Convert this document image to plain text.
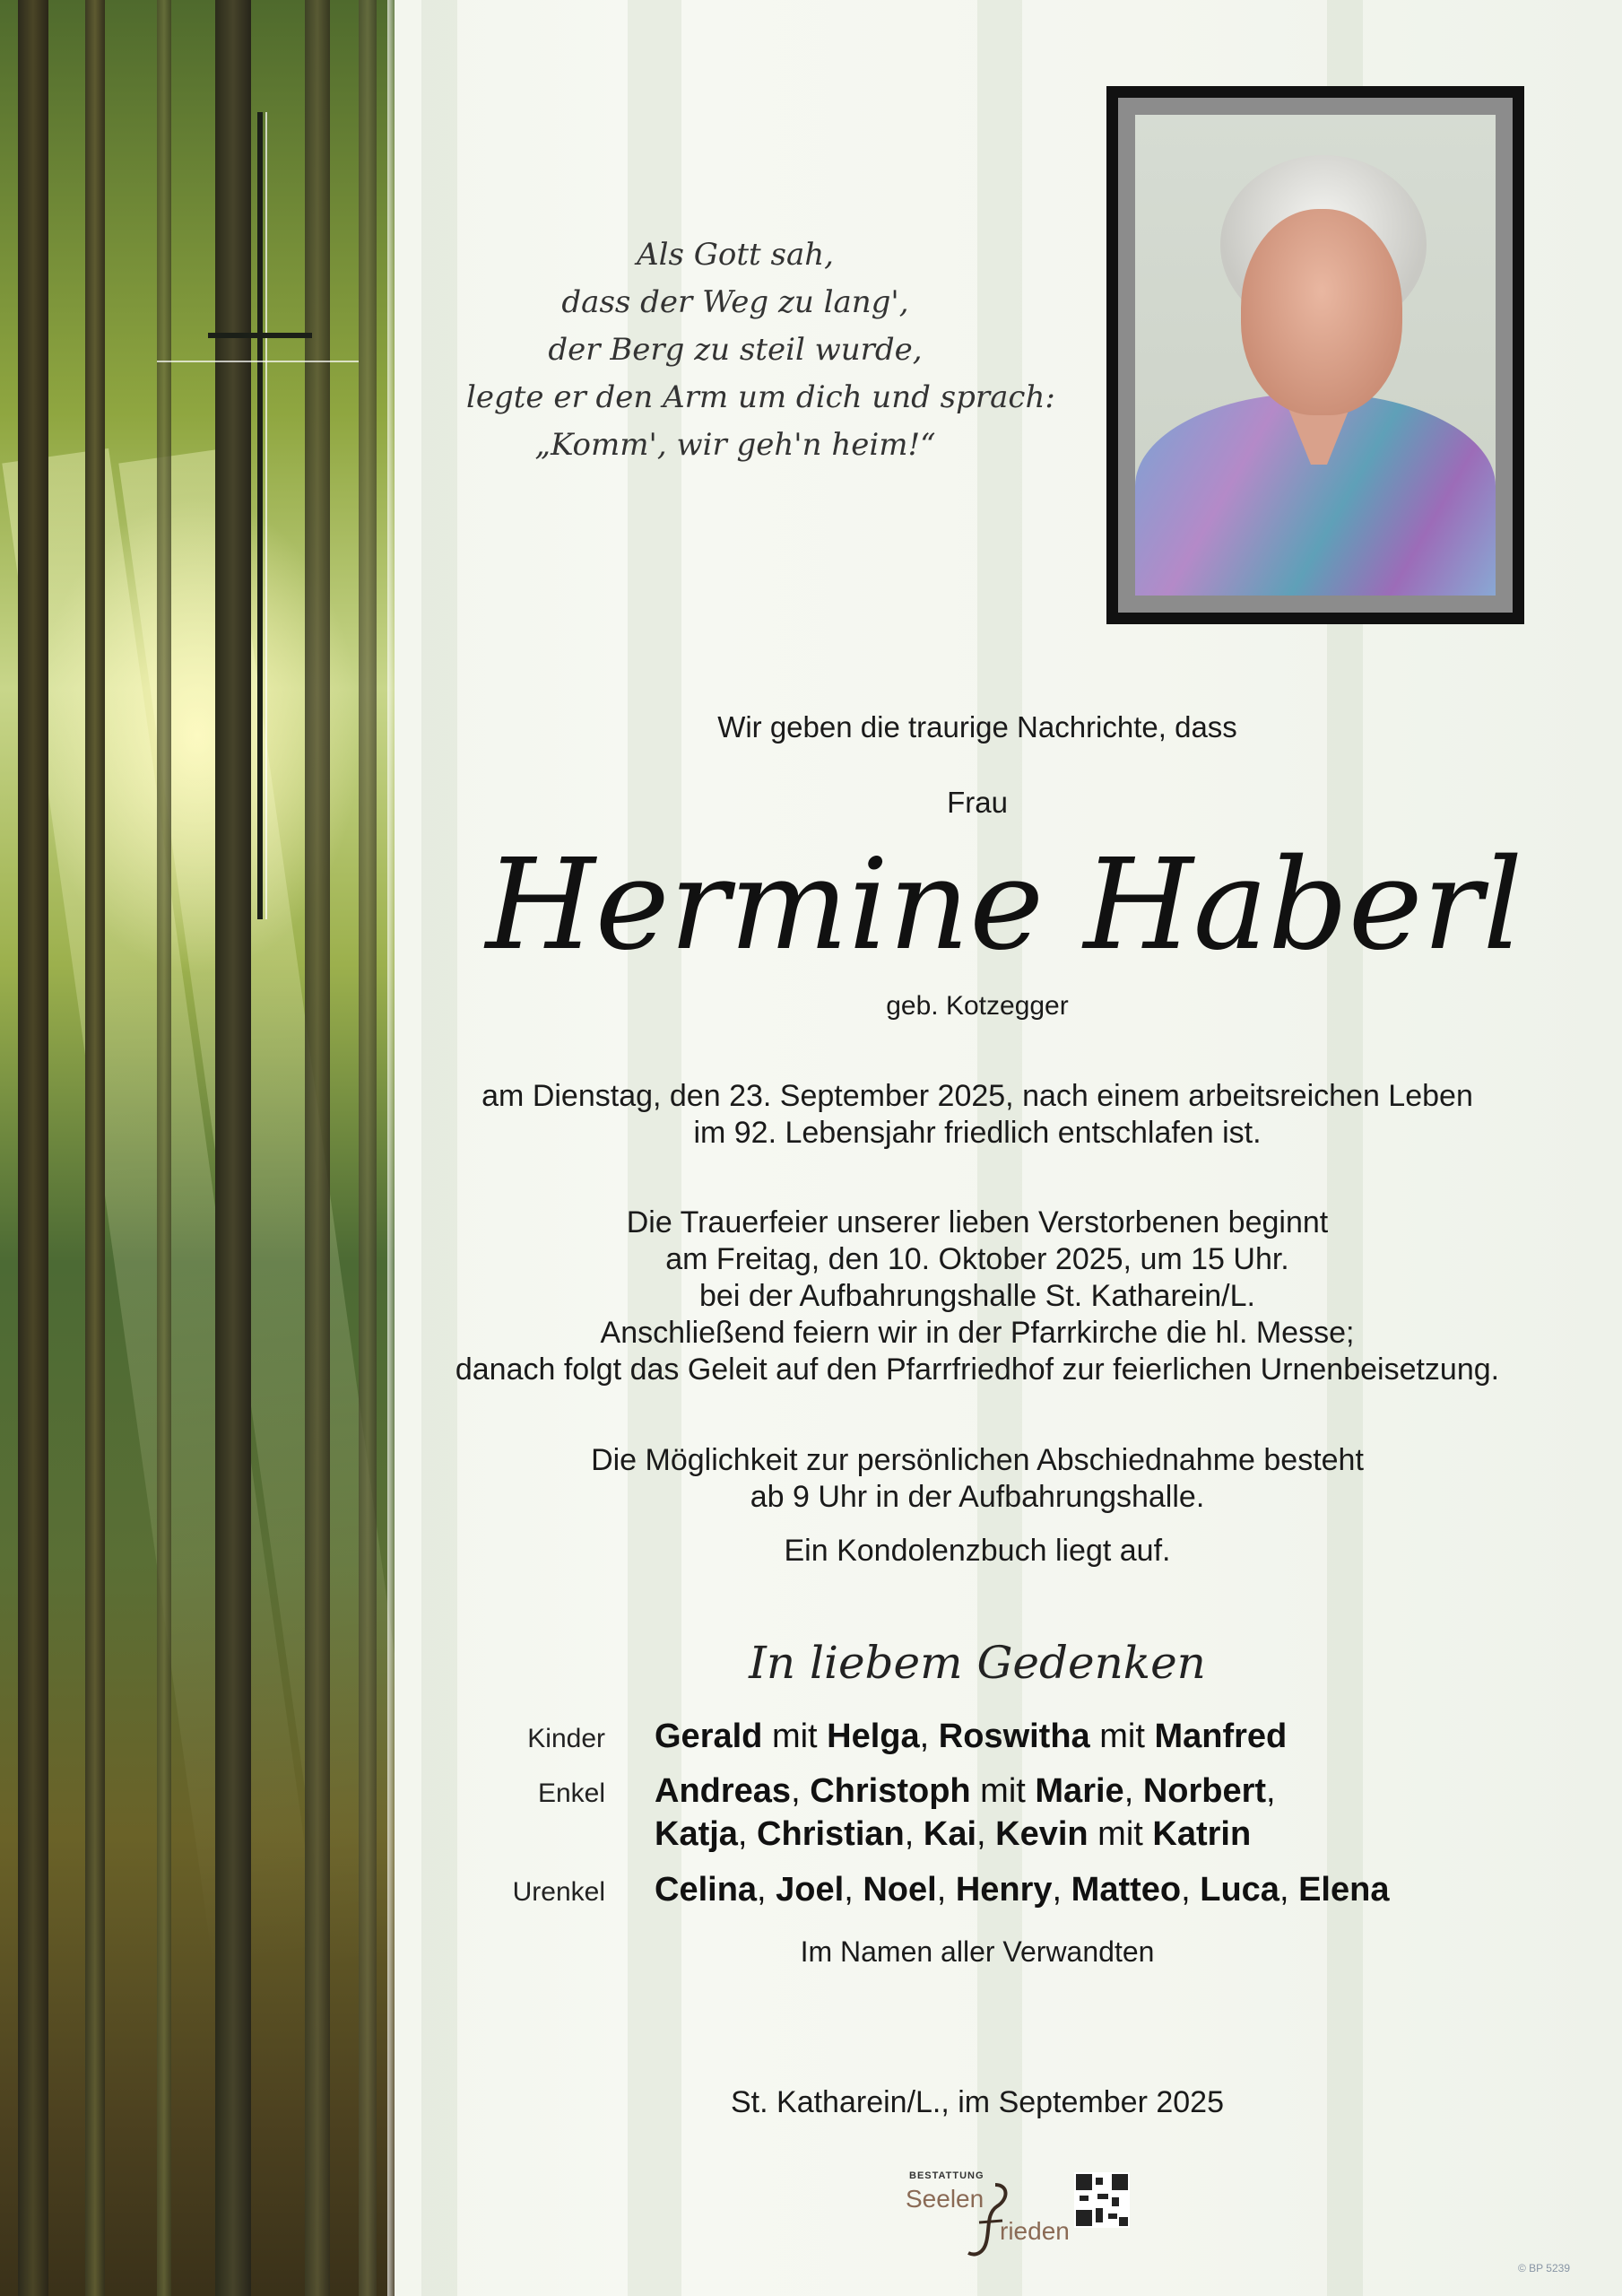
Als Gott sah,
dass der Weg zu lang',
der Berg zu steil wurde,
legte er den Arm um dich und sprach:
„Komm', wir geh'n heim!“
Wir geben die traurige Nachrichte, dass
Frau
Hermine Haberl
geb. Kotzegger
am Dienstag, den 23. September 2025, nach einem arbeitsreichen Leben
im 92. Lebensjahr friedlich entschlafen ist.
Die Trauerfeier unserer lieben Verstorbenen beginnt
am Freitag, den 10. Oktober 2025, um 15 Uhr.
bei der Aufbahrungshalle St. Katharein/L.
Anschließend feiern wir in der Pfarrkirche die hl. Messe;
danach folgt das Geleit auf den Pfarrfriedhof zur feierlichen Urnenbeisetzung.
Die Möglichkeit zur persönlichen Abschiednahme besteht
ab 9 Uhr in der Aufbahrungshalle.
Ein Kondolenzbuch liegt auf.
In liebem Gedenken
Kinder Gerald mit Helga, Roswitha mit Manfred
Enkel Andreas, Christoph mit Marie, Norbert,
Katja, Christian, Kai, Kevin mit Katrin
Urenkel Celina, Joel, Noel, Henry, Matteo, Luca, Elena
Im Namen aller Verwandten
St. Katharein/L., im September 2025
BESTATTUNG
Seelen
rieden
© BP 5239
